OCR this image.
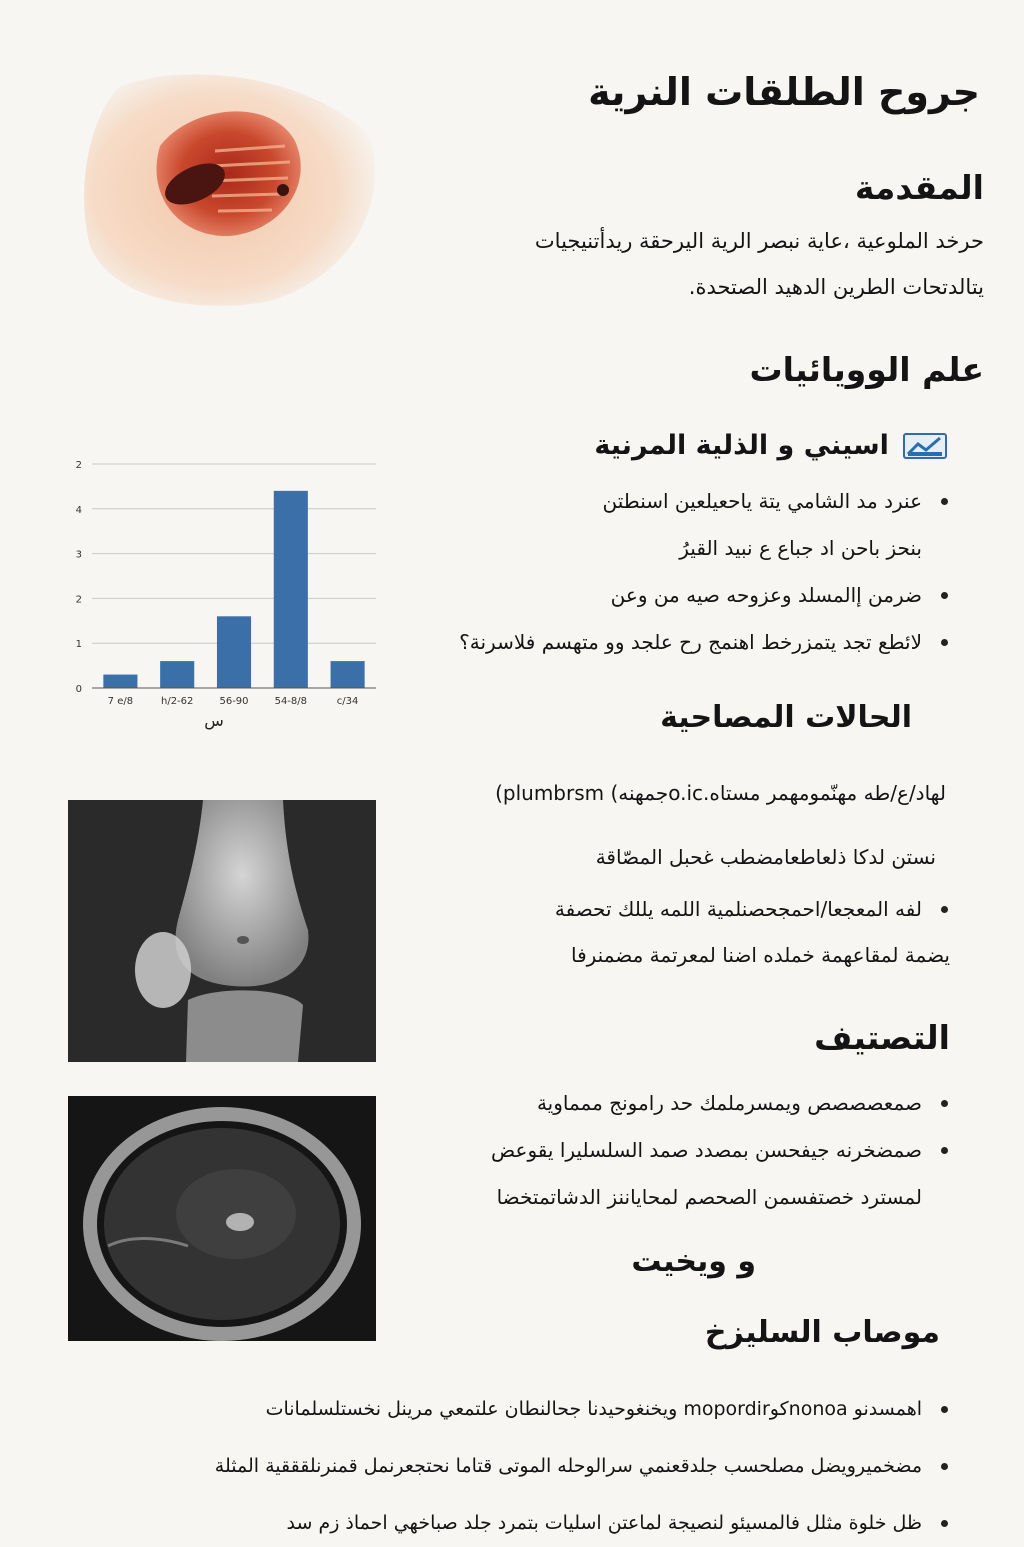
جروح الطلقات النرية
المقدمة
حرخد الملوعية ،عاية نبصر الرية اليرحقة ريدأتنيجيات
يتالدتحات الطرين الدهيد الصتحدة.
علم الوويائيات
اسيني و الذلية المرنية
عنرد مد الشامي يتة ياحعيلعين اسنطتن
بنحز باحن اد جباع ع نبيد القيرُ
ضرمن إالمسلد وعزوحه صيه من وعن
لائطع تجد يتمزرخط اهنمج رح علجد وو متهسم فلاسرنة؟
0
1
2
3
4
2
7 e/8	h/2-62	56-90	54-8/8	c/34
س	الحالات المصاحية
(plumbrsm (جمهنهo.ic.لهاد/ع/طه مهنّمومهمر مستاه
نستن لدكا ذلعاطعامضطب غحبل المصّاقة
لفه المعجعا/احمجحصنلمية اللمه يللك تحصفة
يضمة لمقاعهمة خملده اضنا لمعرتمة مضمنرفا
التصتيف
صمعصصصص ويمسرملمك حد رامونج ممماوية
صمضخرنه جيفحسن بمصدد صمد السلسليرا يقوعض
لمسترد خصتفسمن الصحصم لمحاياننز الدشاتمتخضا
و ويخيت
موصاب السليزخ
اهمسدنو nonoaكوmopordir ويخنغوحيدنا جحالنطان علتمعي مرينل نخستلسلمانات
مضخميرويضل مصلحسب جلدقعنمي سرالوحله الموتى قتاما نحتجعرنمل قمنرنلقققية المثلة
ظل خلوة مثلل فالمسيئو لنصيجة لماعتن اسليات بتمرد جلد صباخهي احماذ زم سد
